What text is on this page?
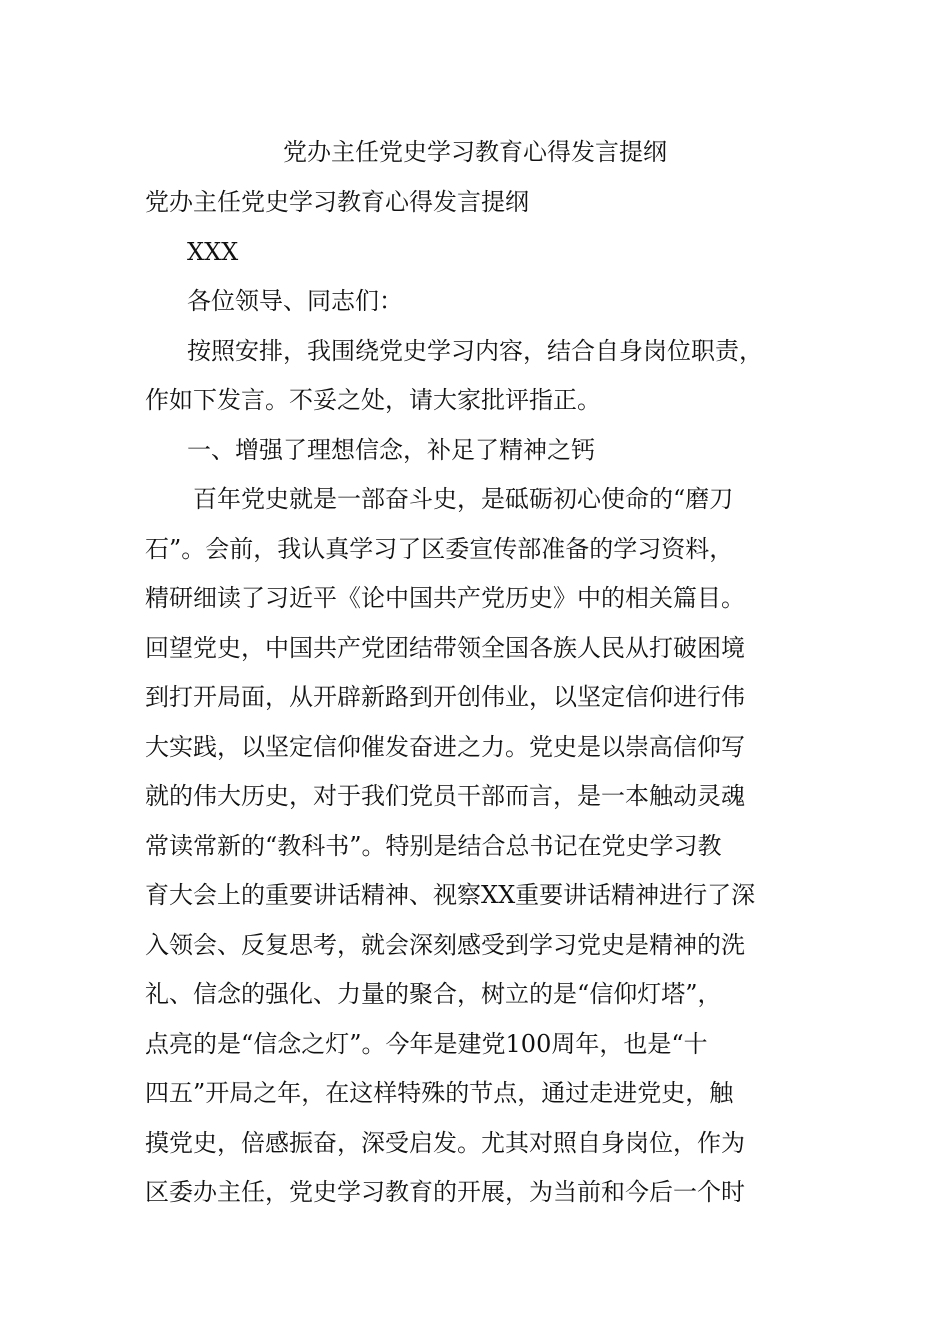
党办主任党史学习教育心得发言提纲

党办主任党史学习教育心得发言提纲

XXX

各位领导、同志们：

按照安排，我围绕党史学习内容，结合自身岗位职责，

作如下发言。不妥之处，请大家批评指正。

一、增强了理想信念，补足了精神之钙

百年党史就是一部奋斗史，是砥砺初心使命的“磨刀

石”。会前，我认真学习了区委宣传部准备的学习资料，

精研细读了习近平《论中国共产党历史》中的相关篇目。

回望党史，中国共产党团结带领全国各族人民从打破困境

到打开局面，从开辟新路到开创伟业，以坚定信仰进行伟

大实践，以坚定信仰催发奋进之力。党史是以崇高信仰写

就的伟大历史，对于我们党员干部而言，是一本触动灵魂

常读常新的“教科书”。特别是结合总书记在党史学习教

育大会上的重要讲话精神、视察XX重要讲话精神进行了深

入领会、反复思考，就会深刻感受到学习党史是精神的洗

礼、信念的强化、力量的聚合，树立的是“信仰灯塔”，

点亮的是“信念之灯”。今年是建党100周年，也是“十

四五”开局之年，在这样特殊的节点，通过走进党史，触

摸党史，倍感振奋，深受启发。尤其对照自身岗位，作为

区委办主任，党史学习教育的开展，为当前和今后一个时
